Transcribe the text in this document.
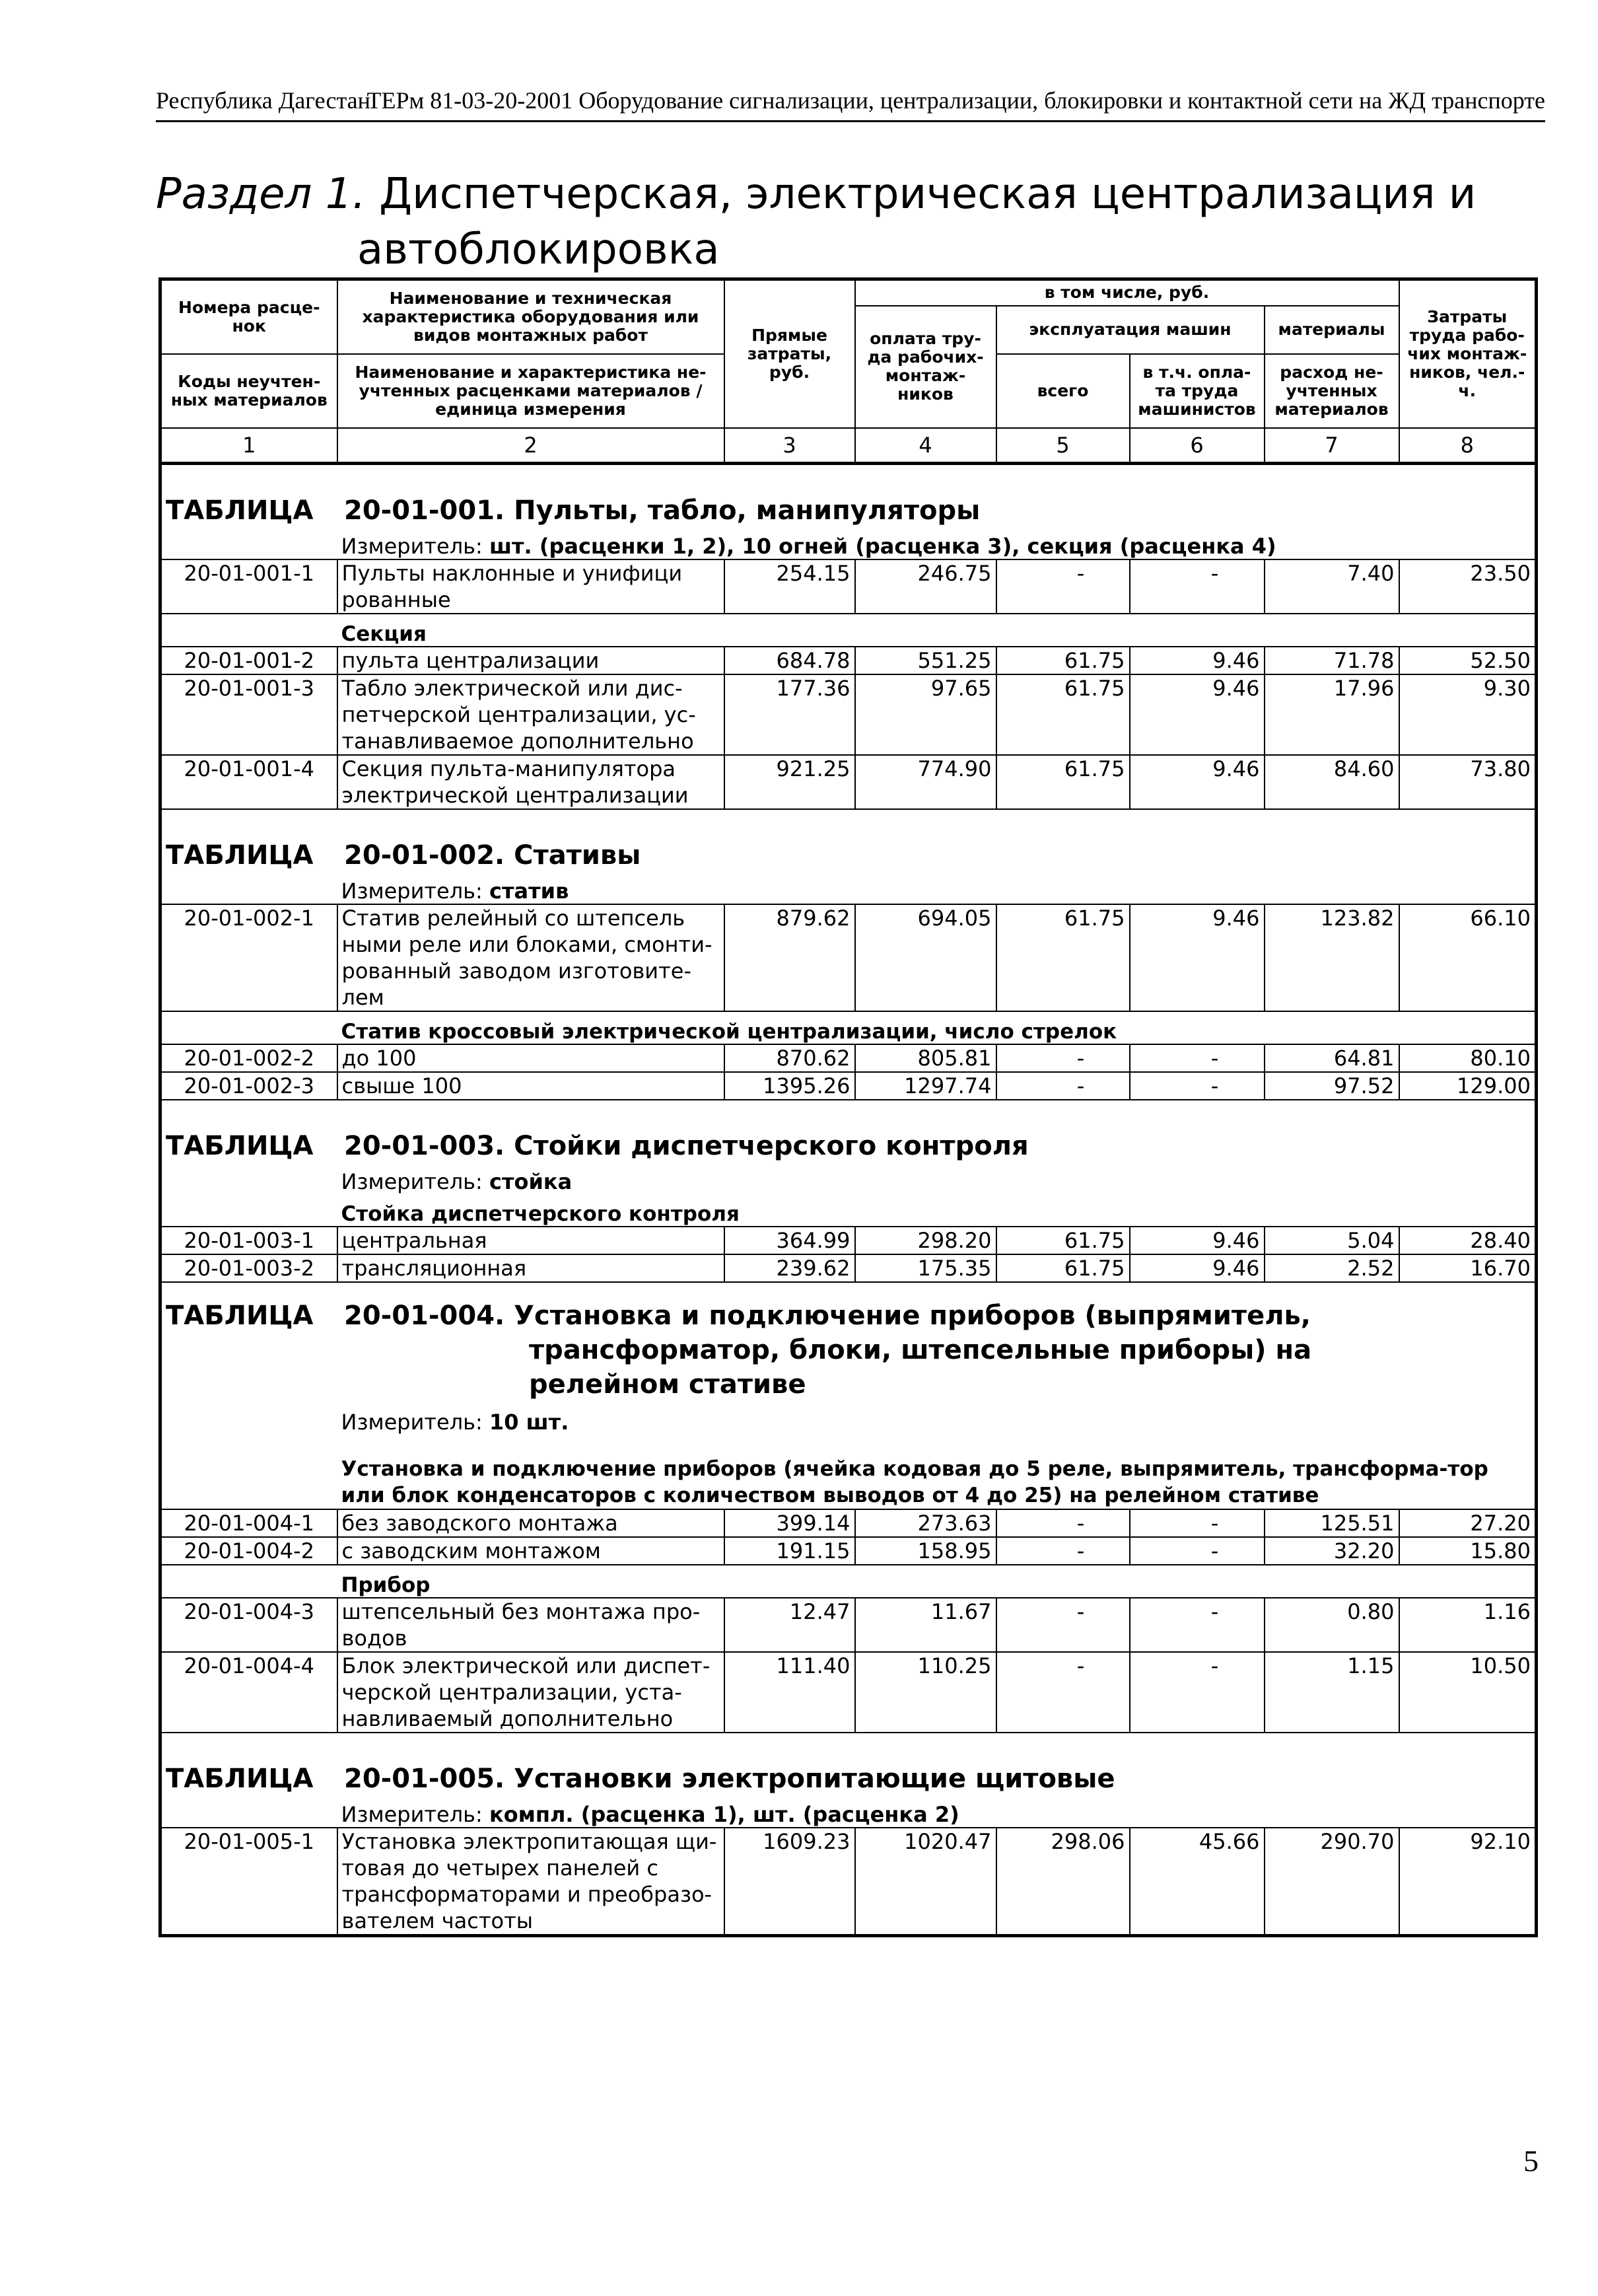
Республика Дагестан
ТЕРм 81-03-20-2001 Оборудование сигнализации, централизации, блокировки и контактной сети на ЖД транспорте
Раздел 1. Диспетчерская, электрическая централизация и
автоблокировка
Номера расце-нок	Наименование и техническая характеристика оборудования или видов монтажных работ	Прямые затраты, руб.	в том числе, руб.				Затраты труда рабо-чих монтаж-ников, чел.-ч.
			оплата тру-да рабочих-монтаж-ников	эксплуатация машин		материалы	
Коды неучтен-ных материалов	Наименование и характеристика не-учтенных расценками материалов / единица измерения			всего	в т.ч. опла-та труда машинистов	расход не-учтенных материалов	

1	2	3	4	5	6	7	8
ТАБЛИЦА 20-01-001. Пульты, табло, манипуляторы							
	Измеритель: шт. (расценки 1, 2), 10 огней (расценка 3), секция (расценка 4)						
20-01-001-1	Пульты наклонные и унифици рованные	254.15	246.75	-	-	7.40	23.50
	Секция						
20-01-001-2	пульта централизации	684.78	551.25	61.75	9.46	71.78	52.50
20-01-001-3	Табло электрической или дис-петчерской централизации, ус-танавливаемое дополнительно	177.36	97.65	61.75	9.46	17.96	9.30
20-01-001-4	Секция пульта-манипулятора электрической централизации	921.25	774.90	61.75	9.46	84.60	73.80
ТАБЛИЦА 20-01-002. Стативы							
	Измеритель: статив						
20-01-002-1	Статив релейный со штепсель ными реле или блоками, смонти-рованный заводом изготовите-лем	879.62	694.05	61.75	9.46	123.82	66.10
	Статив кроссовый электрической централизации, число стрелок						
20-01-002-2	до 100	870.62	805.81	-	-	64.81	80.10
20-01-002-3	свыше 100	1395.26	1297.74	-	-	97.52	129.00
ТАБЛИЦА 20-01-003. Стойки диспетчерского контроля							
	Измеритель: стойка						
	Стойка диспетчерского контроля						
20-01-003-1	центральная	364.99	298.20	61.75	9.46	5.04	28.40
20-01-003-2	трансляционная	239.62	175.35	61.75	9.46	2.52	16.70
ТАБЛИЦА 20-01-004. Установка и подключение приборов (выпрямитель,
трансформатор, блоки, штепсельные приборы) на
релейном стативе							

	Измеритель: 10 шт.						
	Установка и подключение приборов (ячейка кодовая до 5 реле, выпрямитель, трансформа-тор или блок конденсаторов с количеством выводов от 4 до 25) на релейном стативе						
20-01-004-1	без заводского монтажа	399.14	273.63	-	-	125.51	27.20
20-01-004-2	с заводским монтажом	191.15	158.95	-	-	32.20	15.80
	Прибор						
20-01-004-3	штепсельный без монтажа про-водов	12.47	11.67	-	-	0.80	1.16
20-01-004-4	Блок электрической или диспет-черской централизации, уста-навливаемый дополнительно	111.40	110.25	-	-	1.15	10.50
ТАБЛИЦА 20-01-005. Установки электропитающие щитовые							
	Измеритель: компл. (расценка 1), шт. (расценка 2)						
20-01-005-1	Установка электропитающая щи-товая до четырех панелей с трансформаторами и преобразо-вателем частоты	1609.23	1020.47	298.06	45.66	290.70	92.10
5
